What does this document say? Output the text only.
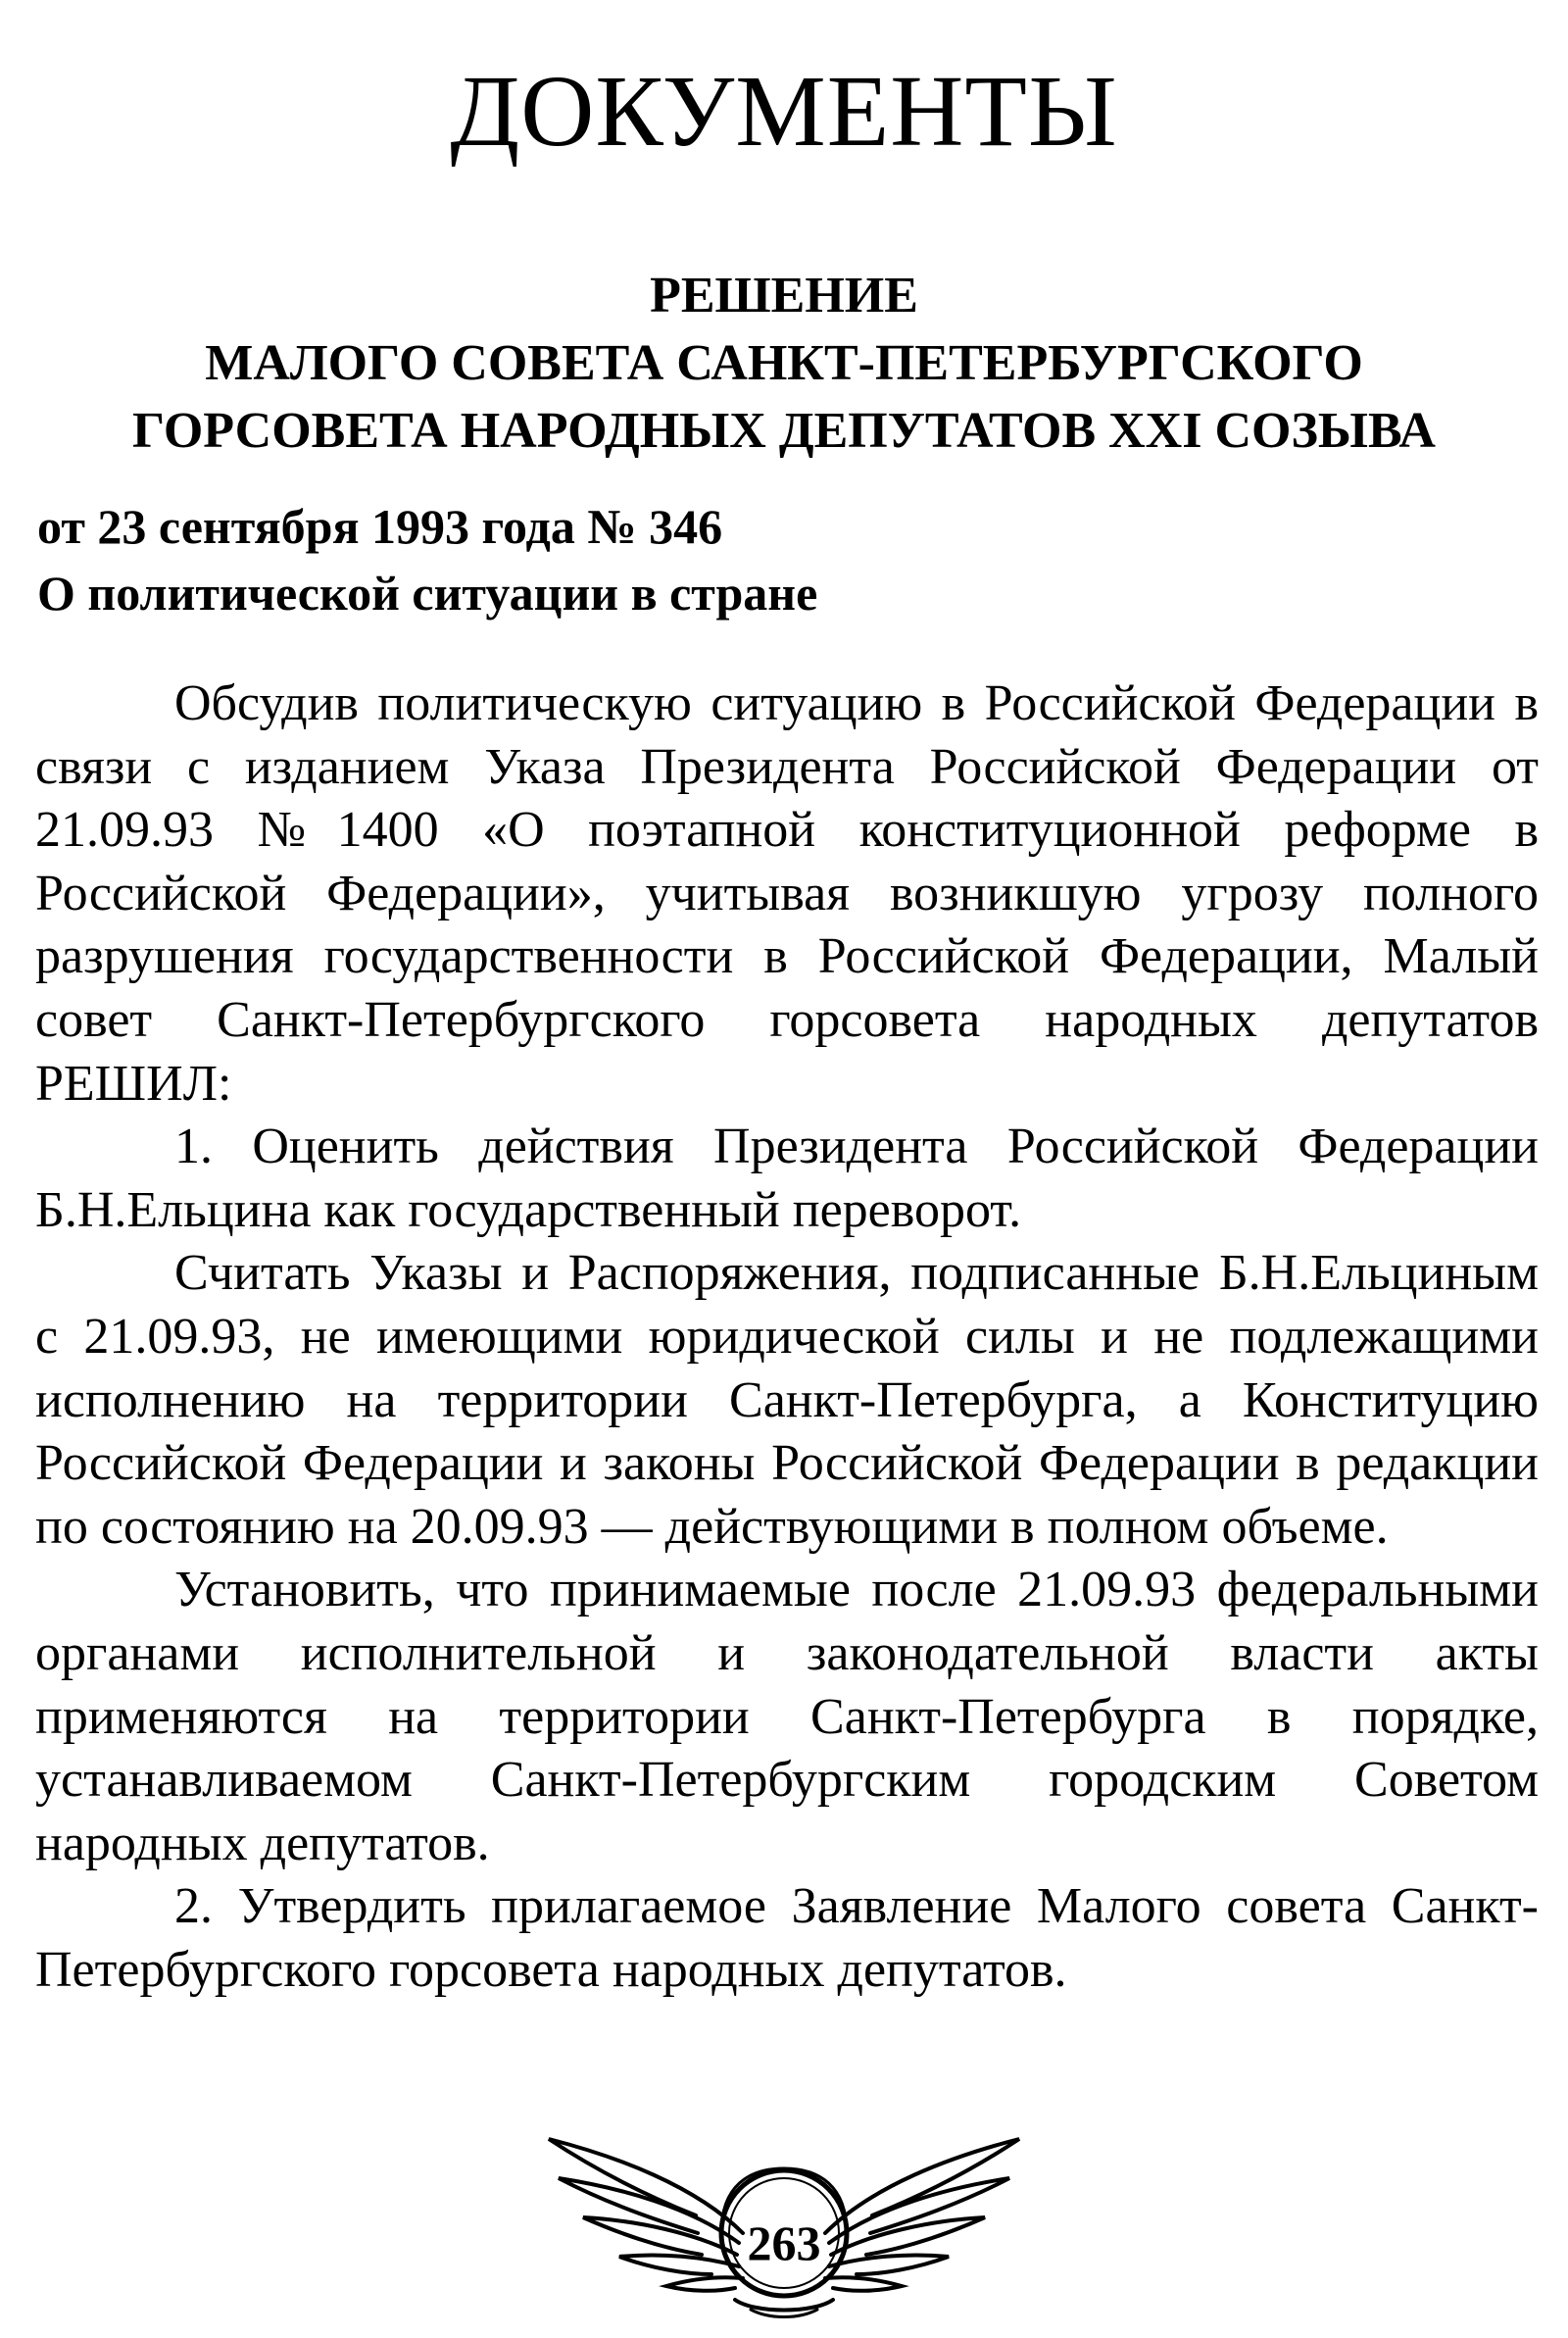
ДОКУМЕНТЫ
РЕШЕНИЕ
МАЛОГО СОВЕТА САНКТ-ПЕТЕРБУРГСКОГО
ГОРСОВЕТА НАРОДНЫХ ДЕПУТАТОВ XXI СОЗЫВА
от 23 сентября 1993 года № 346
О политической ситуации в стране

Обсудив политическую ситуацию в Российской Федерации в связи с изданием Указа Президента Российской Федерации от 21.09.93 №1400 «О поэтапной конституционной реформе в Российской Федерации», учитывая возникшую угрозу полного разрушения государственности в Российской Федерации, Малый совет Санкт-Петербургского горсовета народных депутатов РЕШИЛ:

1. Оценить действия Президента Российской Федерации Б.Н.Ельцина как государственный переворот.

Считать Указы и Распоряжения, подписанные Б.Н.Ельциным с 21.09.93, не имеющими юридической силы и не подлежащими исполнению на территории Санкт-Петербурга, а Конституцию Российской Федерации и законы Российской Федерации в редакции по состоянию на 20.09.93 — действующими в полном объеме.

Установить, что принимаемые после 21.09.93 федеральными органами исполнительной и законодательной власти акты применяются на территории Санкт-Петербурга в порядке, устанавливаемом Санкт-Петербургским городским Советом народных депутатов.

2. Утвердить прилагаемое Заявление Малого совета Санкт-Петербургского горсовета народных депутатов.

263
